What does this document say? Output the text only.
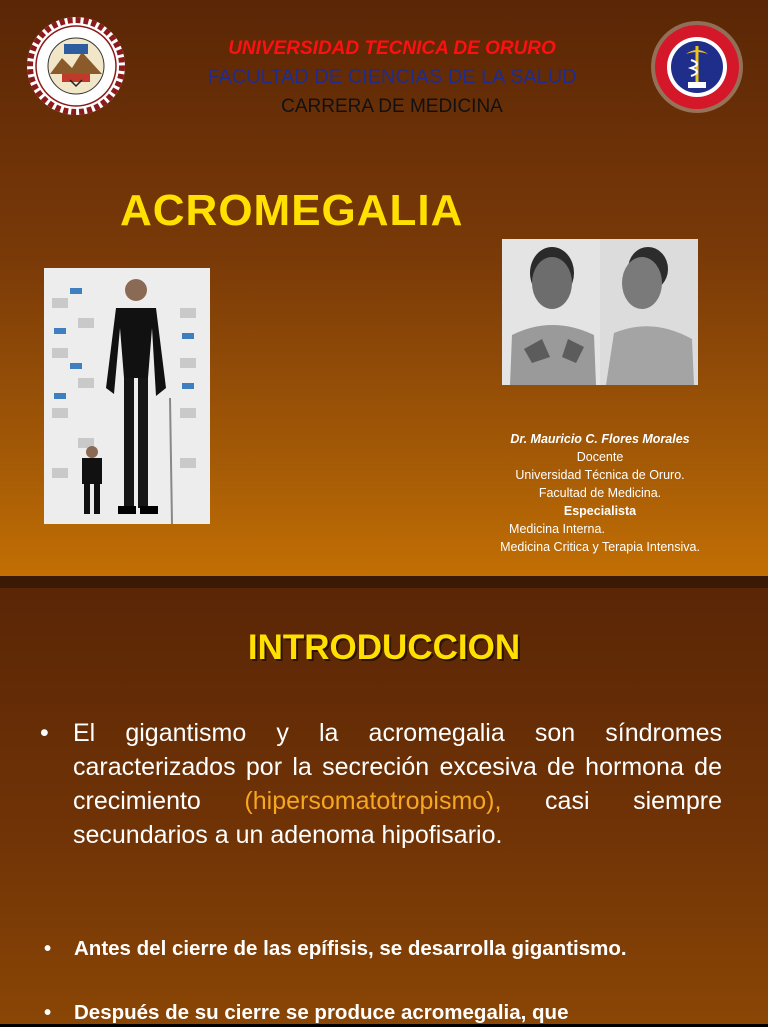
UNIVERSIDAD TECNICA DE ORURO
FACULTAD DE CIENCIAS DE LA SALUD
CARRERA DE MEDICINA
ACROMEGALIA
Dr. Mauricio C. Flores Morales
Docente
Universidad Técnica de Oruro.
Facultad de Medicina.
Especialista
Medicina Interna.
Medicina Critica y Terapia Intensiva.
INTRODUCCION
• El gigantismo y la acromegalia son síndromes caracterizados por la secreción excesiva de hormona de crecimiento (hipersomatotropismo), casi siempre secundarios a un adenoma hipofisario.
• Antes del cierre de las epífisis, se desarrolla gigantismo.
• Después de su cierre se produce acromegalia, que
